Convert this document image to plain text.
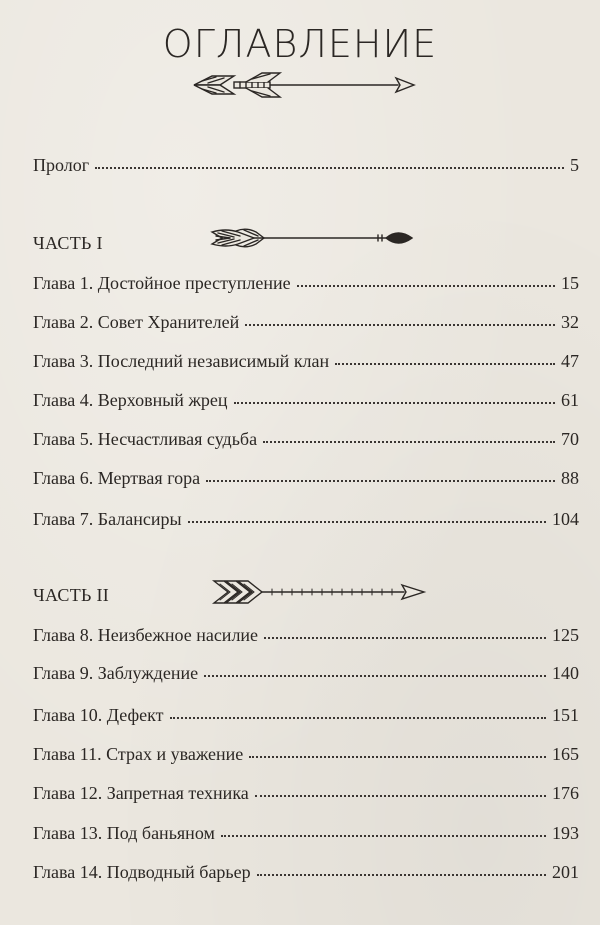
ОГЛАВЛЕНИЕ
Пролог	5
ЧАСТЬ I
Глава 1. Достойное преступление	15
Глава 2. Совет Хранителей	32
Глава 3. Последний независимый клан	47
Глава 4. Верховный жрец	61
Глава 5. Несчастливая судьба	70
Глава 6. Мертвая гора	88
Глава 7. Балансиры	104
ЧАСТЬ II
Глава 8. Неизбежное насилие	125
Глава 9. Заблуждение	140
Глава 10. Дефект	151
Глава 11. Страх и уважение	165
Глава 12. Запретная техника	176
Глава 13. Под баньяном	193
Глава 14. Подводный барьер	201
